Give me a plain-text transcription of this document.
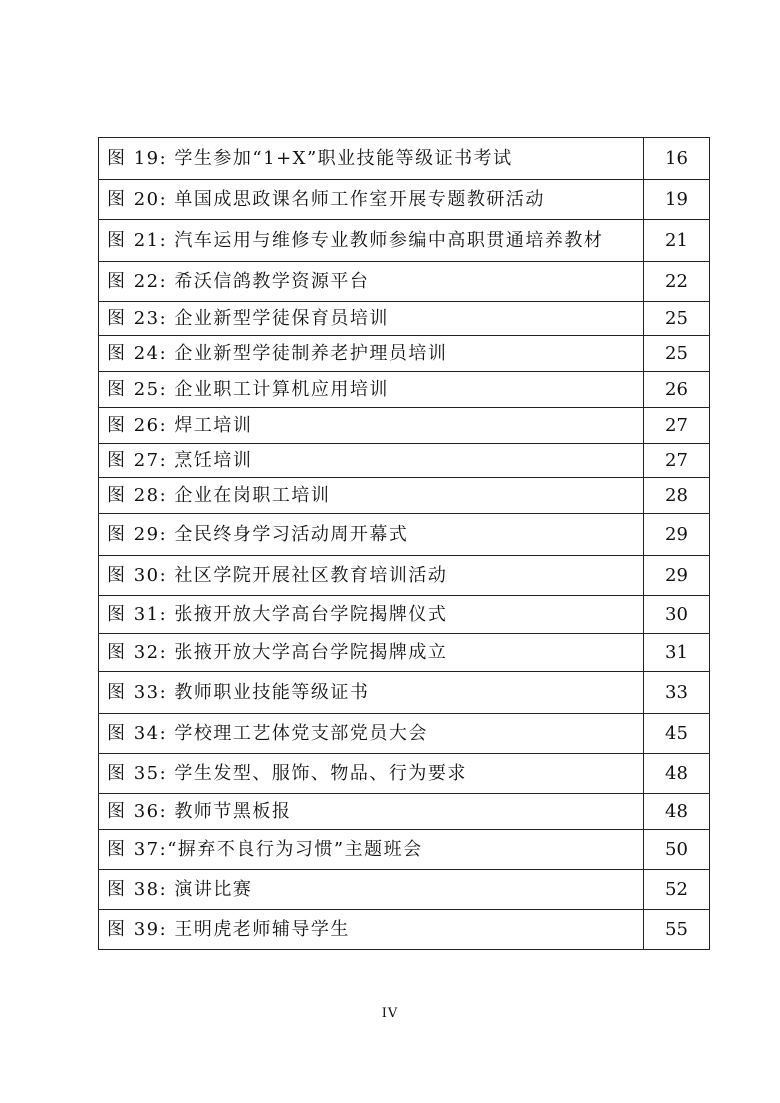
图 19: 学生参加“1+X”职业技能等级证书考试	16
图 20: 单国成思政课名师工作室开展专题教研活动	19
图 21: 汽车运用与维修专业教师参编中高职贯通培养教材	21
图 22: 希沃信鸽教学资源平台	22
图 23: 企业新型学徒保育员培训	25
图 24: 企业新型学徒制养老护理员培训	25
图 25: 企业职工计算机应用培训	26
图 26: 焊工培训	27
图 27: 烹饪培训	27
图 28: 企业在岗职工培训	28
图 29: 全民终身学习活动周开幕式	29
图 30: 社区学院开展社区教育培训活动	29
图 31: 张掖开放大学高台学院揭牌仪式	30
图 32: 张掖开放大学高台学院揭牌成立	31
图 33: 教师职业技能等级证书	33
图 34: 学校理工艺体党支部党员大会	45
图 35: 学生发型、服饰、物品、行为要求	48
图 36: 教师节黑板报	48
图 37:“摒弃不良行为习惯”主题班会	50
图 38: 演讲比赛	52
图 39: 王明虎老师辅导学生	55
IV
